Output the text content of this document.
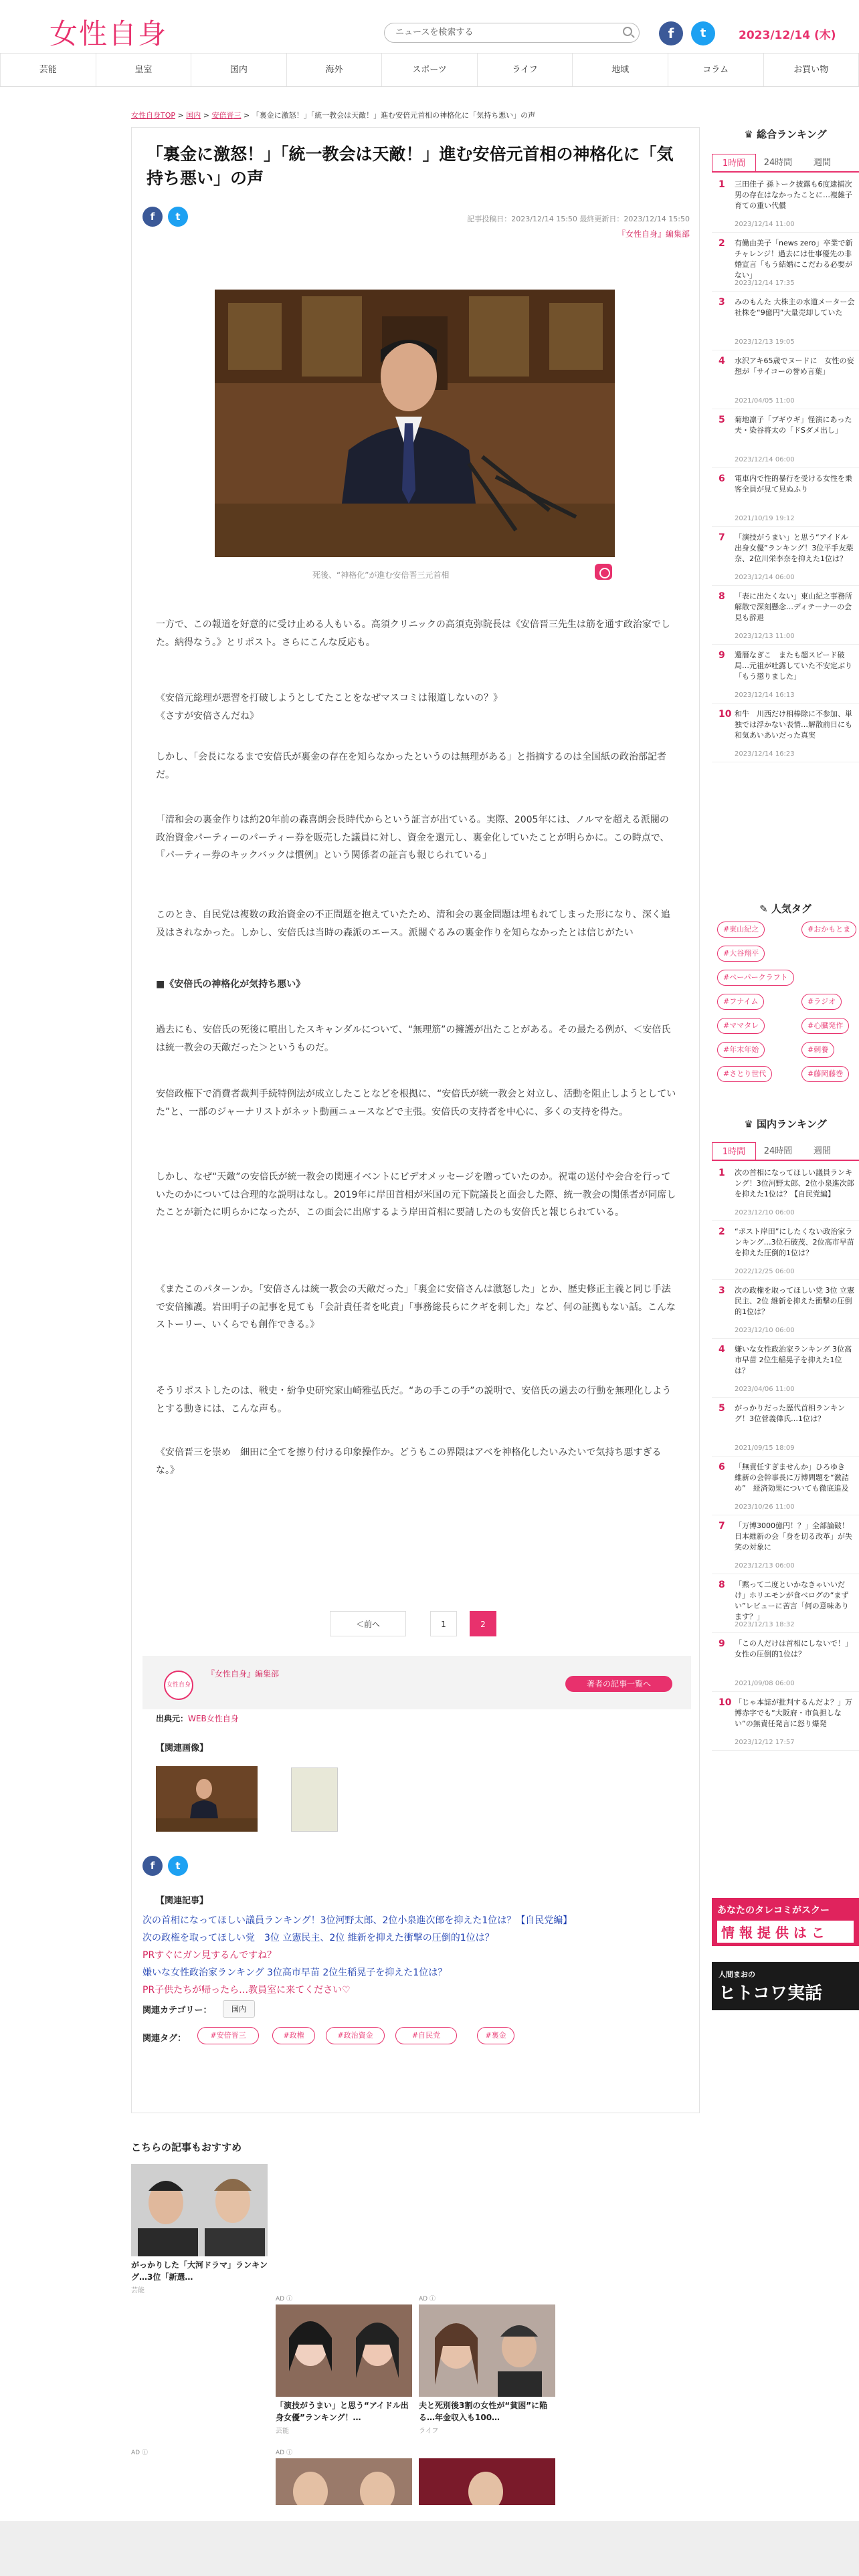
女性自身	ニュースを検索する	f	t	2023/12/14 (木)
芸能	皇室	国内	海外	スポーツ	ライフ	地域	コラム	お買い物
女性自身TOP > 国内 > 安倍晋三 > 「裏金に激怒！」「統一教会は天敵！」進む安倍元首相の神格化に「気持ち悪い」の声
「裏金に激怒！」「統一教会は天敵！」進む安倍元首相の神格化に「気持ち悪い」の声
f	t	記事投稿日：2023/12/14 15:50 最終更新日：2023/12/14 15:50
『女性自身』編集部
死後、“神格化”が進む安倍晋三元首相

一方で、この報道を好意的に受け止める人もいる。高須クリニックの高須克弥院長は《安倍晋三先生は筋を通す政治家でした。納得なう。》とリポスト。さらにこんな反応も。

《安倍元総理が悪習を打破しようとしてたことをなぜマスコミは報道しないの？》
《さすが安倍さんだね》

しかし、「会長になるまで安倍氏が裏金の存在を知らなかったというのは無理がある」と指摘するのは全国紙の政治部記者だ。

「清和会の裏金作りは約20年前の森喜朗会長時代からという証言が出ている。実際、2005年には、ノルマを超える派閥の政治資金パーティーのパーティー券を販売した議員に対し、資金を還元し、裏金化していたことが明らかに。この時点で、『パーティー券のキックバックは慣例』という関係者の証言も報じられている」

このとき、自民党は複数の政治資金の不正問題を抱えていたため、清和会の裏金問題は埋もれてしまった形になり、深く追及はされなかった。しかし、安倍氏は当時の森派のエース。派閥ぐるみの裏金作りを知らなかったとは信じがたい

■《安倍氏の神格化が気持ち悪い》

過去にも、安倍氏の死後に噴出したスキャンダルについて、“無理筋”の擁護が出たことがある。その最たる例が、＜安倍氏は統一教会の天敵だった＞というものだ。

安倍政権下で消費者裁判手続特例法が成立したことなどを根拠に、“安倍氏が統一教会と対立し、活動を阻止しようとしていた”と、一部のジャーナリストがネット動画ニュースなどで主張。安倍氏の支持者を中心に、多くの支持を得た。

しかし、なぜ“天敵”の安倍氏が統一教会の関連イベントにビデオメッセージを贈っていたのか。祝電の送付や会合を行っていたのかについては合理的な説明はなし。2019年に岸田首相が米国の元下院議長と面会した際、統一教会の関係者が同席したことが新たに明らかになったが、この面会に出席するよう岸田首相に要請したのも安倍氏と報じられている。

《またこのパターンか。「安倍さんは統一教会の天敵だった」「裏金に安倍さんは激怒した」とか、歴史修正主義と同じ手法で安倍擁護。岩田明子の記事を見ても「会計責任者を叱責」「事務総長らにクギを刺した」など、何の証拠もない話。こんなストーリー、いくらでも創作できる。》

そうリポストしたのは、戦史・紛争史研究家山崎雅弘氏だ。“あの手この手”の説明で、安倍氏の過去の行動を無理化しようとする動きには、こんな声も。

《安倍晋三を崇め　細田に全てを擦り付ける印象操作か。どうもこの界隈はアベを神格化したいみたいで気持ち悪すぎるな。》

＜前へ	1	2
女性自身
『女性自身』編集部
著者の記事一覧へ
出典元：WEB女性自身
【関連画像】
f	t
【関連記事】
次の首相になってほしい議員ランキング！3位河野太郎、2位小泉進次郎を抑えた1位は？【自民党編】
次の政権を取ってほしい党　3位 立憲民主、2位 維新を抑えた衝撃の圧倒的1位は？
PRすぐにガン見するんですね？
嫌いな女性政治家ランキング 3位高市早苗 2位生稲晃子を抑えた1位は？
PR子供たちが帰ったら…教員室に来てください♡
関連カテゴリー：	国内
関連タグ：	#安倍晋三	#政権	#政治資金	#自民党	#裏金
♛ 総合ランキング
1時間	24時間	週間
1 三田佳子 孫トーク披露も6度逮捕次男の存在はなかったことに…複雑子育ての重い代償
2023/12/14 11:00
2 有働由美子「news zero」卒業で新チャレンジ！過去には仕事優先の非婚宣言「もう結婚にこだわる必要がない」
2023/12/14 17:35
3 みのもんた 大株主の水道メーター会社株を“9億円”大量売却していた
2023/12/13 19:05
4 水沢アキ65歳でヌードに　女性の妄想が「サイコーの誉め言葉」
2021/04/05 11:00
5 菊地凛子「ブギウギ」怪演にあった夫・染谷将太の「ドSダメ出し」
2023/12/14 06:00
6 電車内で性的暴行を受ける女性を乗客全員が見て見ぬふり
2021/10/19 19:12
7 「演技がうまい」と思う“アイドル出身女優”ランキング！3位平手友梨奈、2位川栄李奈を抑えた1位は？
2023/12/14 06:00
8 「表に出たくない」東山紀之事務所解散で深刻懸念…ディテーナーの会見も辞退
2023/12/13 11:00
9 還暦なぎこ　またも超スピード破局…元祖が吐露していた不安定ぶり「もう懲りました」
2023/12/14 16:13
10 和牛　川西だけ相棒除に不参加、単独では浮かない表情…解散前日にも和気あいあいだった真実
2023/12/14 16:23
✎ 人気タグ
#東山紀之	#おかもとま
#大谷翔平
#ペーパークラフト
#フナイム	#ラジオ
#ママタレ	#心臓発作
#年末年始	#刺養
#さとり世代	#藤岡藤巻
♛ 国内ランキング
1時間	24時間	週間
1 次の首相になってほしい議員ランキング！3位河野太郎、2位小泉進次郎を抑えた1位は？【自民党編】
2023/12/10 06:00
2 “ポスト岸田”にしたくない政治家ランキング…3位石破茂、2位高市早苗を抑えた圧倒的1位は？
2022/12/25 06:00
3 次の政権を取ってほしい党 3位 立憲民主、2位 維新を抑えた衝撃の圧倒的1位は？
2023/12/10 06:00
4 嫌いな女性政治家ランキング 3位高市早苗 2位生稲晃子を抑えた1位は？
2023/04/06 11:00
5 がっかりだった歴代首相ランキング！3位菅義偉氏…1位は？
2021/09/15 18:09
6 「無責任すぎませんか」ひろゆき　維新の会幹事長に万博問題を“激詰め”　経済効果についても徹底追及
2023/10/26 11:00
7 「万博3000億円！？」全部論破！日本維新の会「身を切る改革」が失笑の対象に
2023/12/13 06:00
8 「黙って二度といかなきゃいいだけ」ホリエモンが食べログの“まずい”レビューに苦言「何の意味あります？」
2023/12/13 18:32
9 「この人だけは首相にしないで！」女性の圧倒的1位は？
2021/09/08 06:00
10 「じゃ本誌が批判するんだよ？」万博赤字でも“大阪府・市負担しない”の無責任発言に怒り爆発
2023/12/12 17:57
あなたのタレコミがスクー
情 報 提 供 は こ
人間まおの
ヒトコワ実話
こちらの記事もおすすめ
がっかりした「大河ドラマ」ランキング…3位「新選…
芸能
AD ⓘ	AD ⓘ
「演技がうまい」と思う“アイドル出身女優”ランキング！…
芸能
夫と死別後3割の女性が“貧困”に陥る…年金収入も100…
ライフ
AD ⓘ	AD ⓘ
